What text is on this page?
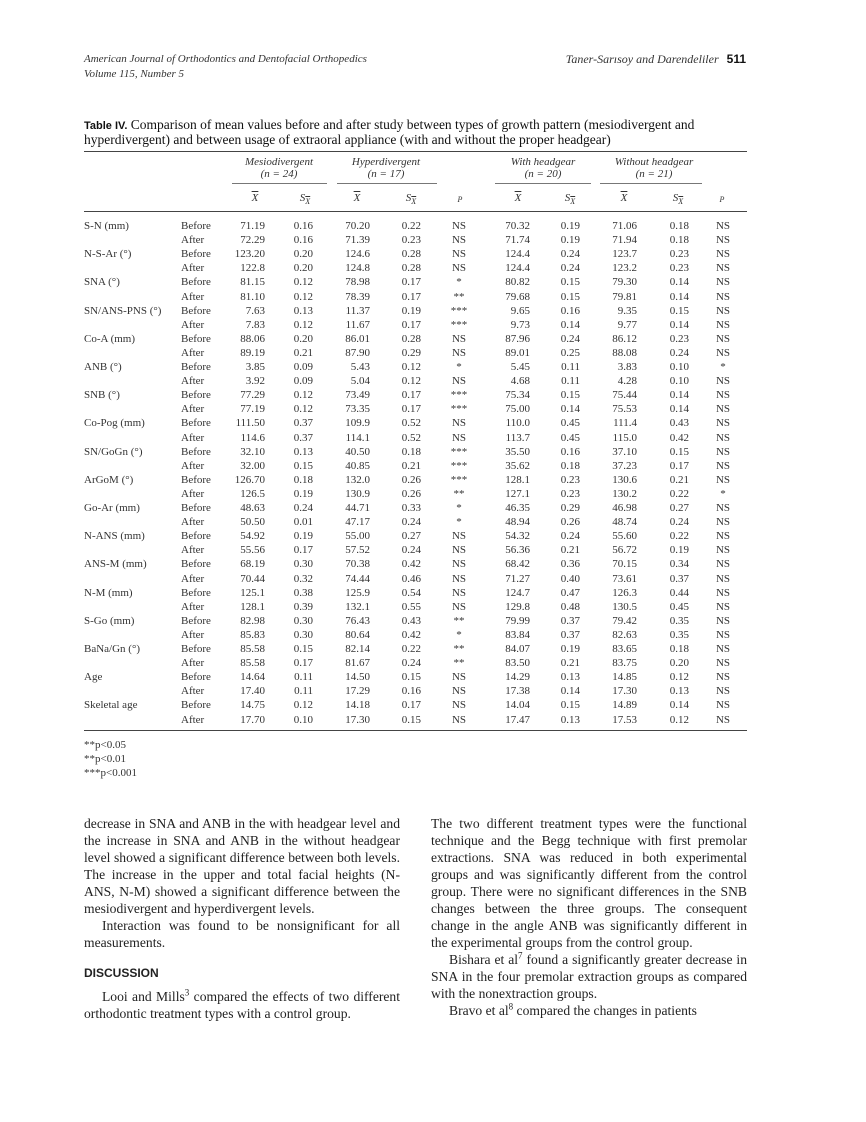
American Journal of Orthodontics and Dentofacial Orthopedics
Volume 115, Number 5
Taner-Sarısoy and Darendeliler 511
Table IV. Comparison of mean values before and after study between types of growth pattern (mesiodivergent and hyperdivergent) and between usage of extraoral appliance (with and without the proper headgear)
Mesiodivergent
(n = 24)
Hyperdivergent
(n = 17)
With headgear
(n = 20)
Without headgear
(n = 21)
$\overline{X}$	$S_{\overline{X}}$	$\overline{X}$	$S_{\overline{X}}$	P	$\overline{X}$	$S_{\overline{X}}$	$\overline{X}$	$S_{\overline{X}}$	P
S-N (mm)	Before	71.19	0.16	70.20	0.22	NS	70.32	0.19	71.06	0.18	NS
After	72.29	0.16	71.39	0.23	NS	71.74	0.19	71.94	0.18	NS
N-S-Ar (°)	Before	123.20	0.20	124.6	0.28	NS	124.4	0.24	123.7	0.23	NS
After	122.8	0.20	124.8	0.28	NS	124.4	0.24	123.2	0.23	NS
SNA (°)	Before	81.15	0.12	78.98	0.17	*	80.82	0.15	79.30	0.14	NS
After	81.10	0.12	78.39	0.17	**	79.68	0.15	79.81	0.14	NS
SN/ANS-PNS (°) Before	7.63	0.13	11.37	0.19	***	9.65	0.16	9.35	0.15	NS
After	7.83	0.12	11.67	0.17	***	9.73	0.14	9.77	0.14	NS
Co-A (mm)	Before	88.06	0.20	86.01	0.28	NS	87.96	0.24	86.12	0.23	NS
After	89.19	0.21	87.90	0.29	NS	89.01	0.25	88.08	0.24	NS
ANB (°)	Before	3.85	0.09	5.43	0.12	*	5.45	0.11	3.83	0.10	*
After	3.92	0.09	5.04	0.12	NS	4.68	0.11	4.28	0.10	NS
SNB (°)	Before	77.29	0.12	73.49	0.17	***	75.34	0.15	75.44	0.14	NS
After	77.19	0.12	73.35	0.17	***	75.00	0.14	75.53	0.14	NS
Co-Pog (mm)	Before	111.50	0.37	109.9	0.52	NS	110.0	0.45	111.4	0.43	NS
After	114.6	0.37	114.1	0.52	NS	113.7	0.45	115.0	0.42	NS
SN/GoGn (°)	Before	32.10	0.13	40.50	0.18	***	35.50	0.16	37.10	0.15	NS
After	32.00	0.15	40.85	0.21	***	35.62	0.18	37.23	0.17	NS
ArGoM (°)	Before	126.70	0.18	132.0	0.26	***	128.1	0.23	130.6	0.21	NS
After	126.5	0.19	130.9	0.26	**	127.1	0.23	130.2	0.22	*
Go-Ar (mm)	Before	48.63	0.24	44.71	0.33	*	46.35	0.29	46.98	0.27	NS
After	50.50	0.01	47.17	0.24	*	48.94	0.26	48.74	0.24	NS
N-ANS (mm)	Before	54.92	0.19	55.00	0.27	NS	54.32	0.24	55.60	0.22	NS
After	55.56	0.17	57.52	0.24	NS	56.36	0.21	56.72	0.19	NS
ANS-M (mm)	Before	68.19	0.30	70.38	0.42	NS	68.42	0.36	70.15	0.34	NS
After	70.44	0.32	74.44	0.46	NS	71.27	0.40	73.61	0.37	NS
N-M (mm)	Before	125.1	0.38	125.9	0.54	NS	124.7	0.47	126.3	0.44	NS
After	128.1	0.39	132.1	0.55	NS	129.8	0.48	130.5	0.45	NS
S-Go (mm)	Before	82.98	0.30	76.43	0.43	**	79.99	0.37	79.42	0.35	NS
After	85.83	0.30	80.64	0.42	*	83.84	0.37	82.63	0.35	NS
BaNa/Gn (°)	Before	85.58	0.15	82.14	0.22	**	84.07	0.19	83.65	0.18	NS
After	85.58	0.17	81.67	0.24	**	83.50	0.21	83.75	0.20	NS
Age	Before	14.64	0.11	14.50	0.15	NS	14.29	0.13	14.85	0.12	NS
After	17.40	0.11	17.29	0.16	NS	17.38	0.14	17.30	0.13	NS
Skeletal age	Before	14.75	0.12	14.18	0.17	NS	14.04	0.15	14.89	0.14	NS
After	17.70	0.10	17.30	0.15	NS	17.47	0.13	17.53	0.12	NS
**p<0.05
**p<0.01
***p<0.001

decrease in SNA and ANB in the with headgear level and the increase in SNA and ANB in the without headgear level showed a significant difference between both levels. The increase in the upper and total facial heights (N-ANS, N-M) showed a significant difference between the mesiodivergent and hyperdivergent levels.

Interaction was found to be nonsignificant for all measurements.

DISCUSSION

Looi and Mills$^3$ compared the effects of two different orthodontic treatment types with a control group.

The two different treatment types were the functional technique and the Begg technique with first premolar extractions. SNA was reduced in both experimental groups and was significantly different from the control group. There were no significant differences in the SNB changes between the three groups. The consequent change in the angle ANB was significantly different in the experimental groups from the control group.

Bishara et $al^7$ found a significantly greater decrease in SNA in the four premolar extraction groups as compared with the nonextraction groups.

Bravo et $al^8$ compared the changes in patients
